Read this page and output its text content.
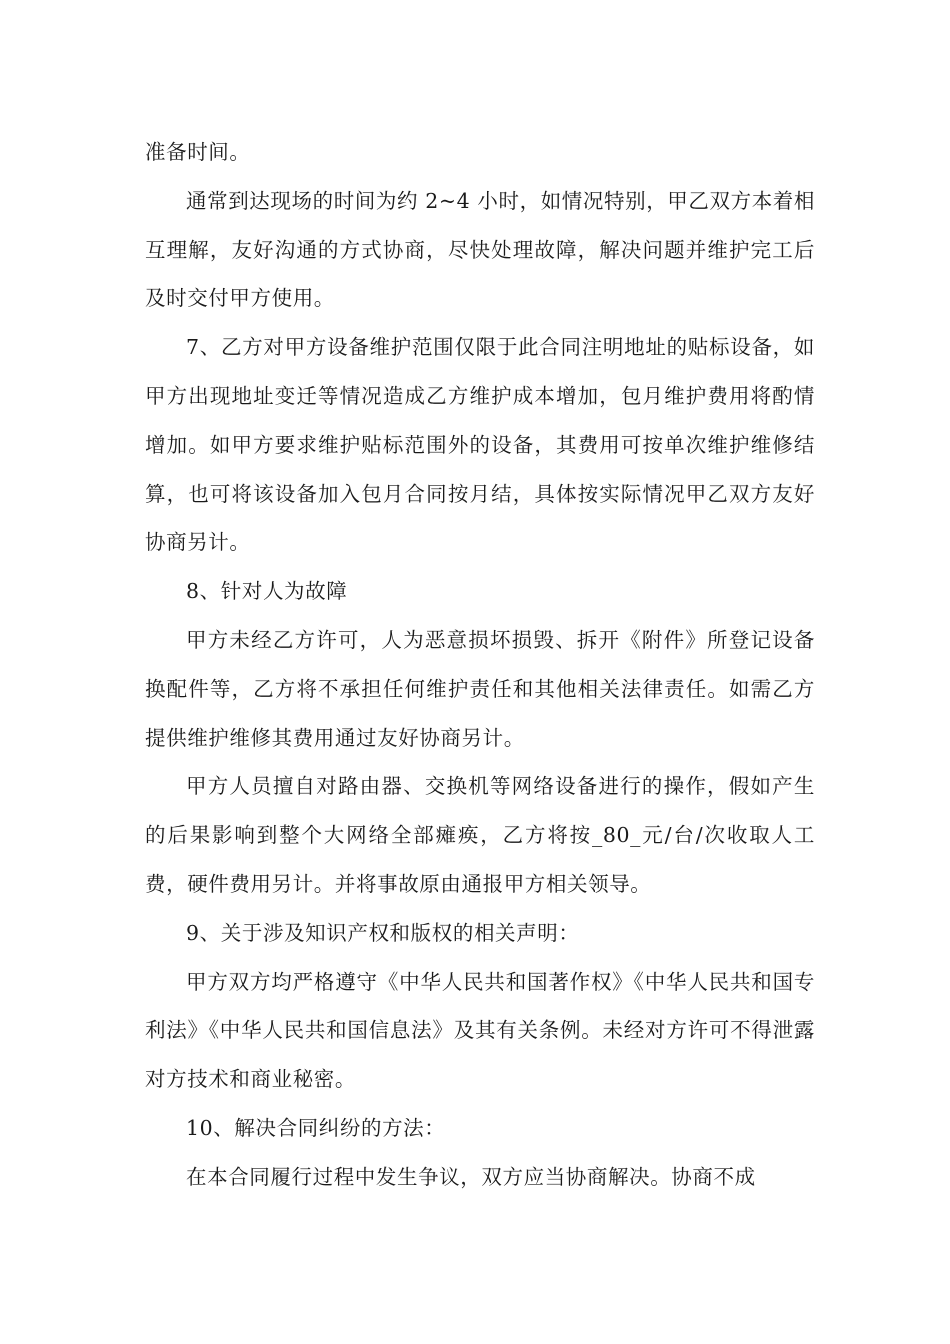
准备时间。

通常到达现场的时间为约 2~4 小时，如情况特别，甲乙双方本着相互理解，友好沟通的方式协商，尽快处理故障，解决问题并维护完工后及时交付甲方使用。

7、乙方对甲方设备维护范围仅限于此合同注明地址的贴标设备，如甲方出现地址变迁等情况造成乙方维护成本增加，包月维护费用将酌情增加。如甲方要求维护贴标范围外的设备，其费用可按单次维护维修结算，也可将该设备加入包月合同按月结，具体按实际情况甲乙双方友好协商另计。

8、针对人为故障

甲方未经乙方许可，人为恶意损坏损毁、拆开《附件》所登记设备换配件等，乙方将不承担任何维护责任和其他相关法律责任。如需乙方提供维护维修其费用通过友好协商另计。

甲方人员擅自对路由器、交换机等网络设备进行的操作，假如产生的后果影响到整个大网络全部瘫痪，乙方将按_80_元/台/次收取人工费，硬件费用另计。并将事故原由通报甲方相关领导。

9、关于涉及知识产权和版权的相关声明：

甲方双方均严格遵守《中华人民共和国著作权》《中华人民共和国专利法》《中华人民共和国信息法》及其有关条例。未经对方许可不得泄露对方技术和商业秘密。

10、解决合同纠纷的方法：

在本合同履行过程中发生争议，双方应当协商解决。协商不成
